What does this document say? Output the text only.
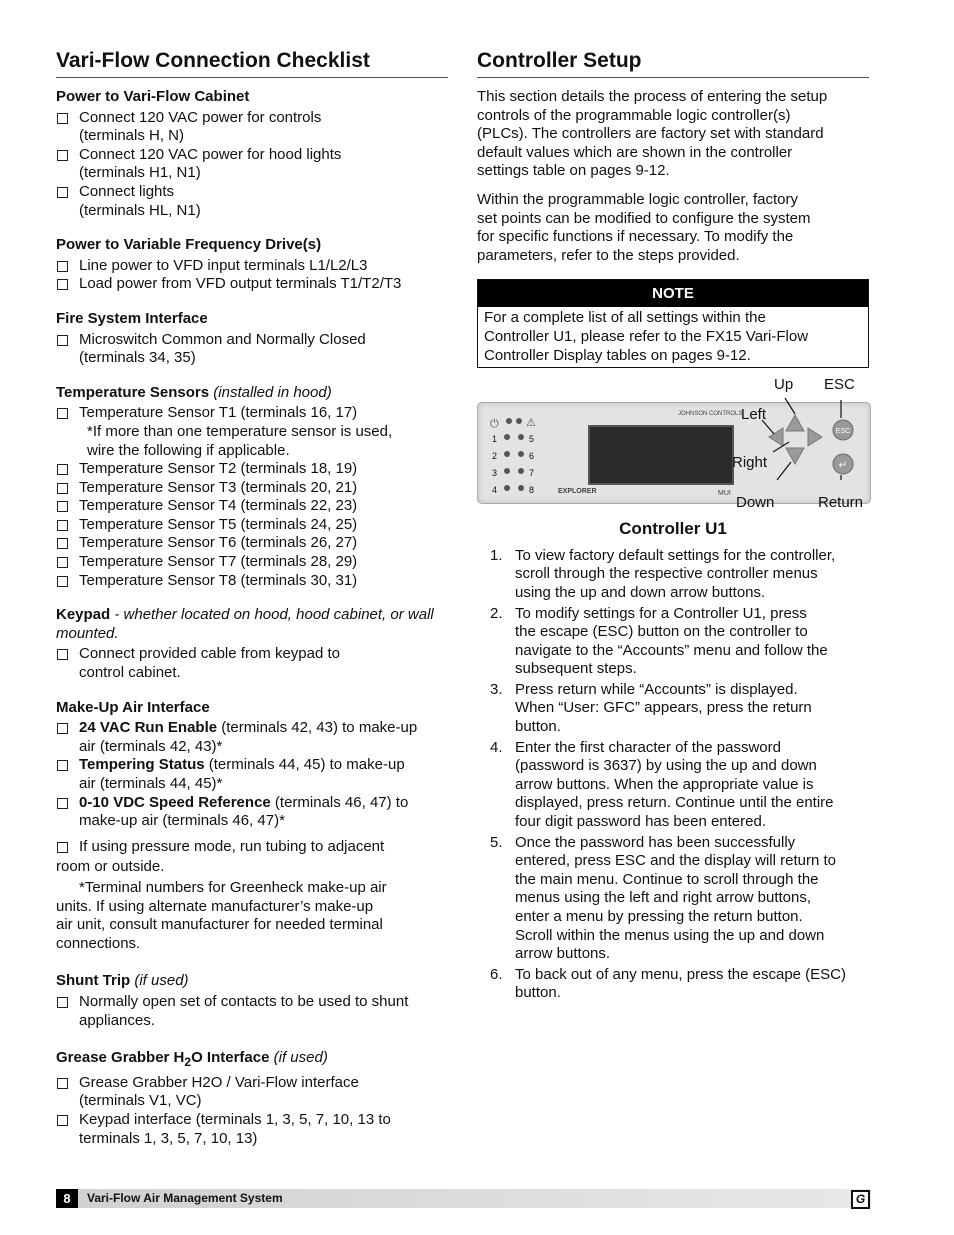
Vari-Flow Connection Checklist
Power to Vari-Flow Cabinet
Connect 120 VAC power for controls
(terminals H, N)
Connect 120 VAC power for hood lights
(terminals H1, N1)
Connect lights
(terminals HL, N1)
Power to Variable Frequency Drive(s)
Line power to VFD input terminals L1/L2/L3
Load power from VFD output terminals T1/T2/T3
Fire System Interface
Microswitch Common and Normally Closed
(terminals 34, 35)
Temperature Sensors (installed in hood)
Temperature Sensor T1 (terminals 16, 17)
*If more than one temperature sensor is used,
wire the following if applicable.
Temperature Sensor T2 (terminals 18, 19)
Temperature Sensor T3 (terminals 20, 21)
Temperature Sensor T4 (terminals 22, 23)
Temperature Sensor T5 (terminals 24, 25)
Temperature Sensor T6 (terminals 26, 27)
Temperature Sensor T7 (terminals 28, 29)
Temperature Sensor T8 (terminals 30, 31)
Keypad - whether located on hood, hood cabinet, or wall mounted.
Connect provided cable from keypad to
control cabinet.
Make-Up Air Interface
24 VAC Run Enable (terminals 42, 43) to make-up
air (terminals 42, 43)*
Tempering Status (terminals 44, 45) to make-up
air (terminals 44, 45)*
0-10 VDC Speed Reference (terminals 46, 47) to
make-up air (terminals 46, 47)*
If using pressure mode, run tubing to adjacent
room or outside.
*Terminal numbers for Greenheck make-up air
units. If using alternate manufacturer’s make-up
air unit, consult manufacturer for needed terminal
connections.
Shunt Trip (if used)
Normally open set of contacts to be used to shunt
appliances.
Grease Grabber $H_2O$ Interface (if used)
Grease Grabber H2O / Vari-Flow interface
(terminals V1, VC)
Keypad interface (terminals 1, 3, 5, 7, 10, 13 to
terminals 1, 3, 5, 7, 10, 13)
Controller Setup

This section details the process of entering the setup
controls of the programmable logic controller(s)
(PLCs). The controllers are factory set with standard
default values which are shown in the controller
settings table on pages 9-12.

Within the programmable logic controller, factory
set points can be modified to configure the system
for specific functions if necessary. To modify the
parameters, refer to the steps provided.

NOTE
For a complete list of all settings within the
Controller U1, please refer to the FX15 Vari-Flow
Controller Display tables on pages 9-12.
⏻ ⚠
1
2
3
4
5
6
7
8	EXPLORER
JOHNSON CONTROLS
MUI
ESC
↵
Up ESC
Left
Right
Down	Return
Controller U1
1. To view factory default settings for the controller,
scroll through the respective controller menus
using the up and down arrow buttons.
2. To modify settings for a Controller U1, press
the escape (ESC) button on the controller to
navigate to the “Accounts” menu and follow the
subsequent steps.
3. Press return while “Accounts” is displayed.
When “User: GFC” appears, press the return
button.
4. Enter the first character of the password
(password is 3637) by using the up and down
arrow buttons. When the appropriate value is
displayed, press return. Continue until the entire
four digit password has been entered.
5. Once the password has been successfully
entered, press ESC and the display will return to
the main menu. Continue to scroll through the
menus using the left and right arrow buttons,
enter a menu by pressing the return button.
Scroll within the menus using the up and down
arrow buttons.
6. To back out of any menu, press the escape (ESC)
button.
8	Vari-Flow Air Management System	G
